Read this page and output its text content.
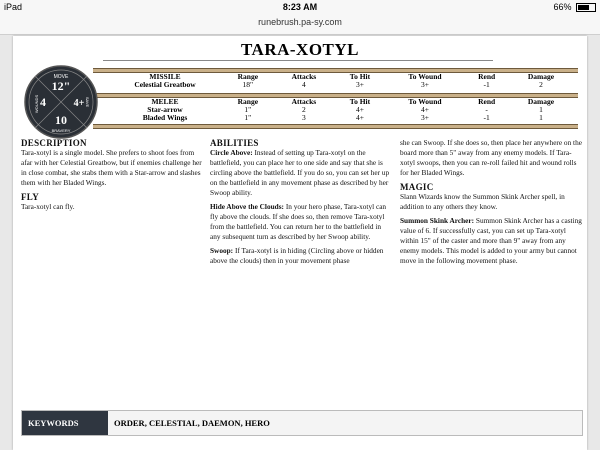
iPad	8:23 AM	66%
runebrush.pa-sy.com
TARA-XOTYL
12"
MOVE
4
WOUNDS	4+ SAVE
10
BRAVERY
MISSILE	Range	Attacks	To Hit	To Wound	Rend	Damage
Celestial Greatbow	18"	4	3+	3+	-1	2
MELEE	Range	Attacks	To Hit	To Wound	Rend	Damage
Star-arrow	1"	2	4+	4+	-	1
Bladed Wings	1"	3	4+	3+	-1	1
DESCRIPTION

Tara-xotyl is a single model. She prefers to shoot foes from afar with her Celestial Greatbow, but if enemies challenge her in close combat, she stabs them with a Star-arrow and slashes them with her Bladed Wings.

FLY

Tara-xotyl can fly.

ABILITIES

Circle Above: Instead of setting up Tara-xotyl on the battlefield, you can place her to one side and say that she is circling above the battlefield. If you do so, you can set her up on the battlefield in any movement phase as described by her Swoop ability.

Hide Above the Clouds: In your hero phase, Tara-xotyl can fly above the clouds. If she does so, then remove Tara-xotyl from the battlefield. You can return her to the battlefield in any subsequent turn as described by her Swoop ability.

Swoop: If Tara-xotyl is in hiding (Circling above or hidden above the clouds) then in your movement phase

she can Swoop. If she does so, then place her anywhere on the board more than 5" away from any enemy models. If Tara-xotyl swoops, then you can re-roll failed hit and wound rolls for her Bladed Wings.

MAGIC

Slann Wizards know the Summon Skink Archer spell, in addition to any others they know.

Summon Skink Archer: Summon Skink Archer has a casting value of 6. If successfully cast, you can set up Tara-xotyl within 15" of the caster and more than 9" away from any enemy models. This model is added to your army but cannot move in the following movement phase.

KEYWORDS	ORDER, CELESTIAL, DAEMON, HERO
